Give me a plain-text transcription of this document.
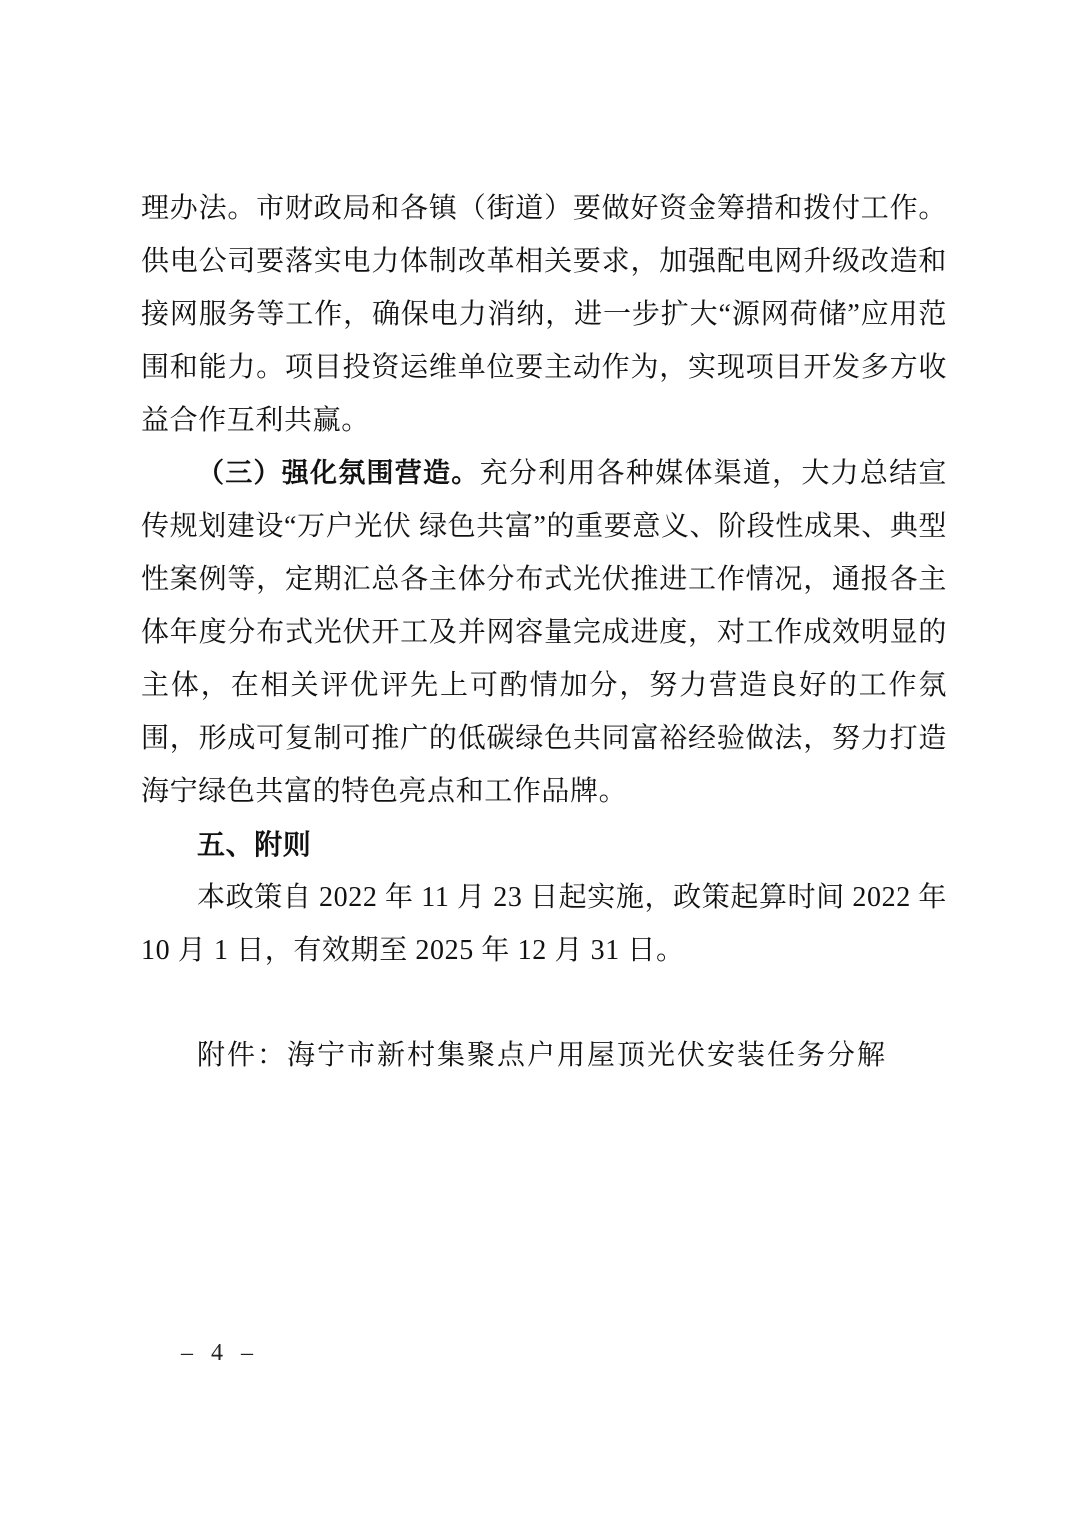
理办法。市财政局和各镇（街道）要做好资金筹措和拨付工作。供电公司要落实电力体制改革相关要求，加强配电网升级改造和接网服务等工作，确保电力消纳，进一步扩大“源网荷储”应用范围和能力。项目投资运维单位要主动作为，实现项目开发多方收益合作互利共赢。

（三）强化氛围营造。充分利用各种媒体渠道，大力总结宣传规划建设“万户光伏 绿色共富”的重要意义、阶段性成果、典型性案例等，定期汇总各主体分布式光伏推进工作情况，通报各主体年度分布式光伏开工及并网容量完成进度，对工作成效明显的主体，在相关评优评先上可酌情加分，努力营造良好的工作氛围，形成可复制可推广的低碳绿色共同富裕经验做法，努力打造海宁绿色共富的特色亮点和工作品牌。

五、附则

本政策自 2022 年 11 月 23 日起实施，政策起算时间 2022 年 10 月 1 日，有效期至 2025 年 12 月 31 日。

附件：海宁市新村集聚点户用屋顶光伏安装任务分解

– 4 –
